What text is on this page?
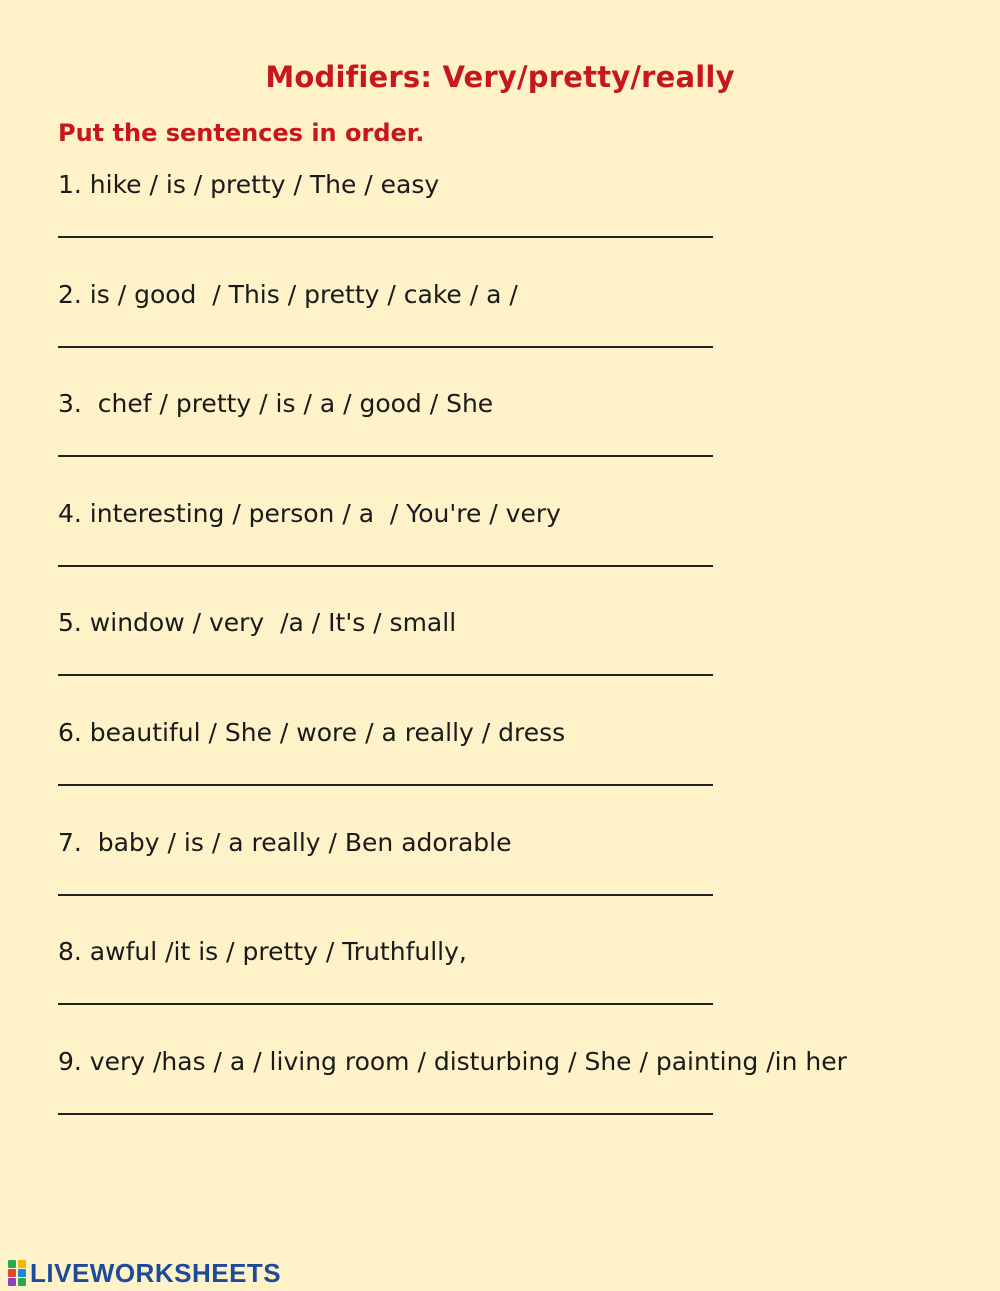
Modifiers: Very/pretty/really
Put the sentences in order.
1. hike / is / pretty / The / easy
2. is / good  / This / pretty / cake / a /
3.  chef / pretty / is / a / good / She
4. interesting / person / a  / You're / very
5. window / very  /a / It's / small
6. beautiful / She / wore / a really / dress
7.  baby / is / a really / Ben adorable
8. awful /it is / pretty / Truthfully,
9. very /has / a / living room / disturbing / She / painting /in her
LIVEWORKSHEETS
